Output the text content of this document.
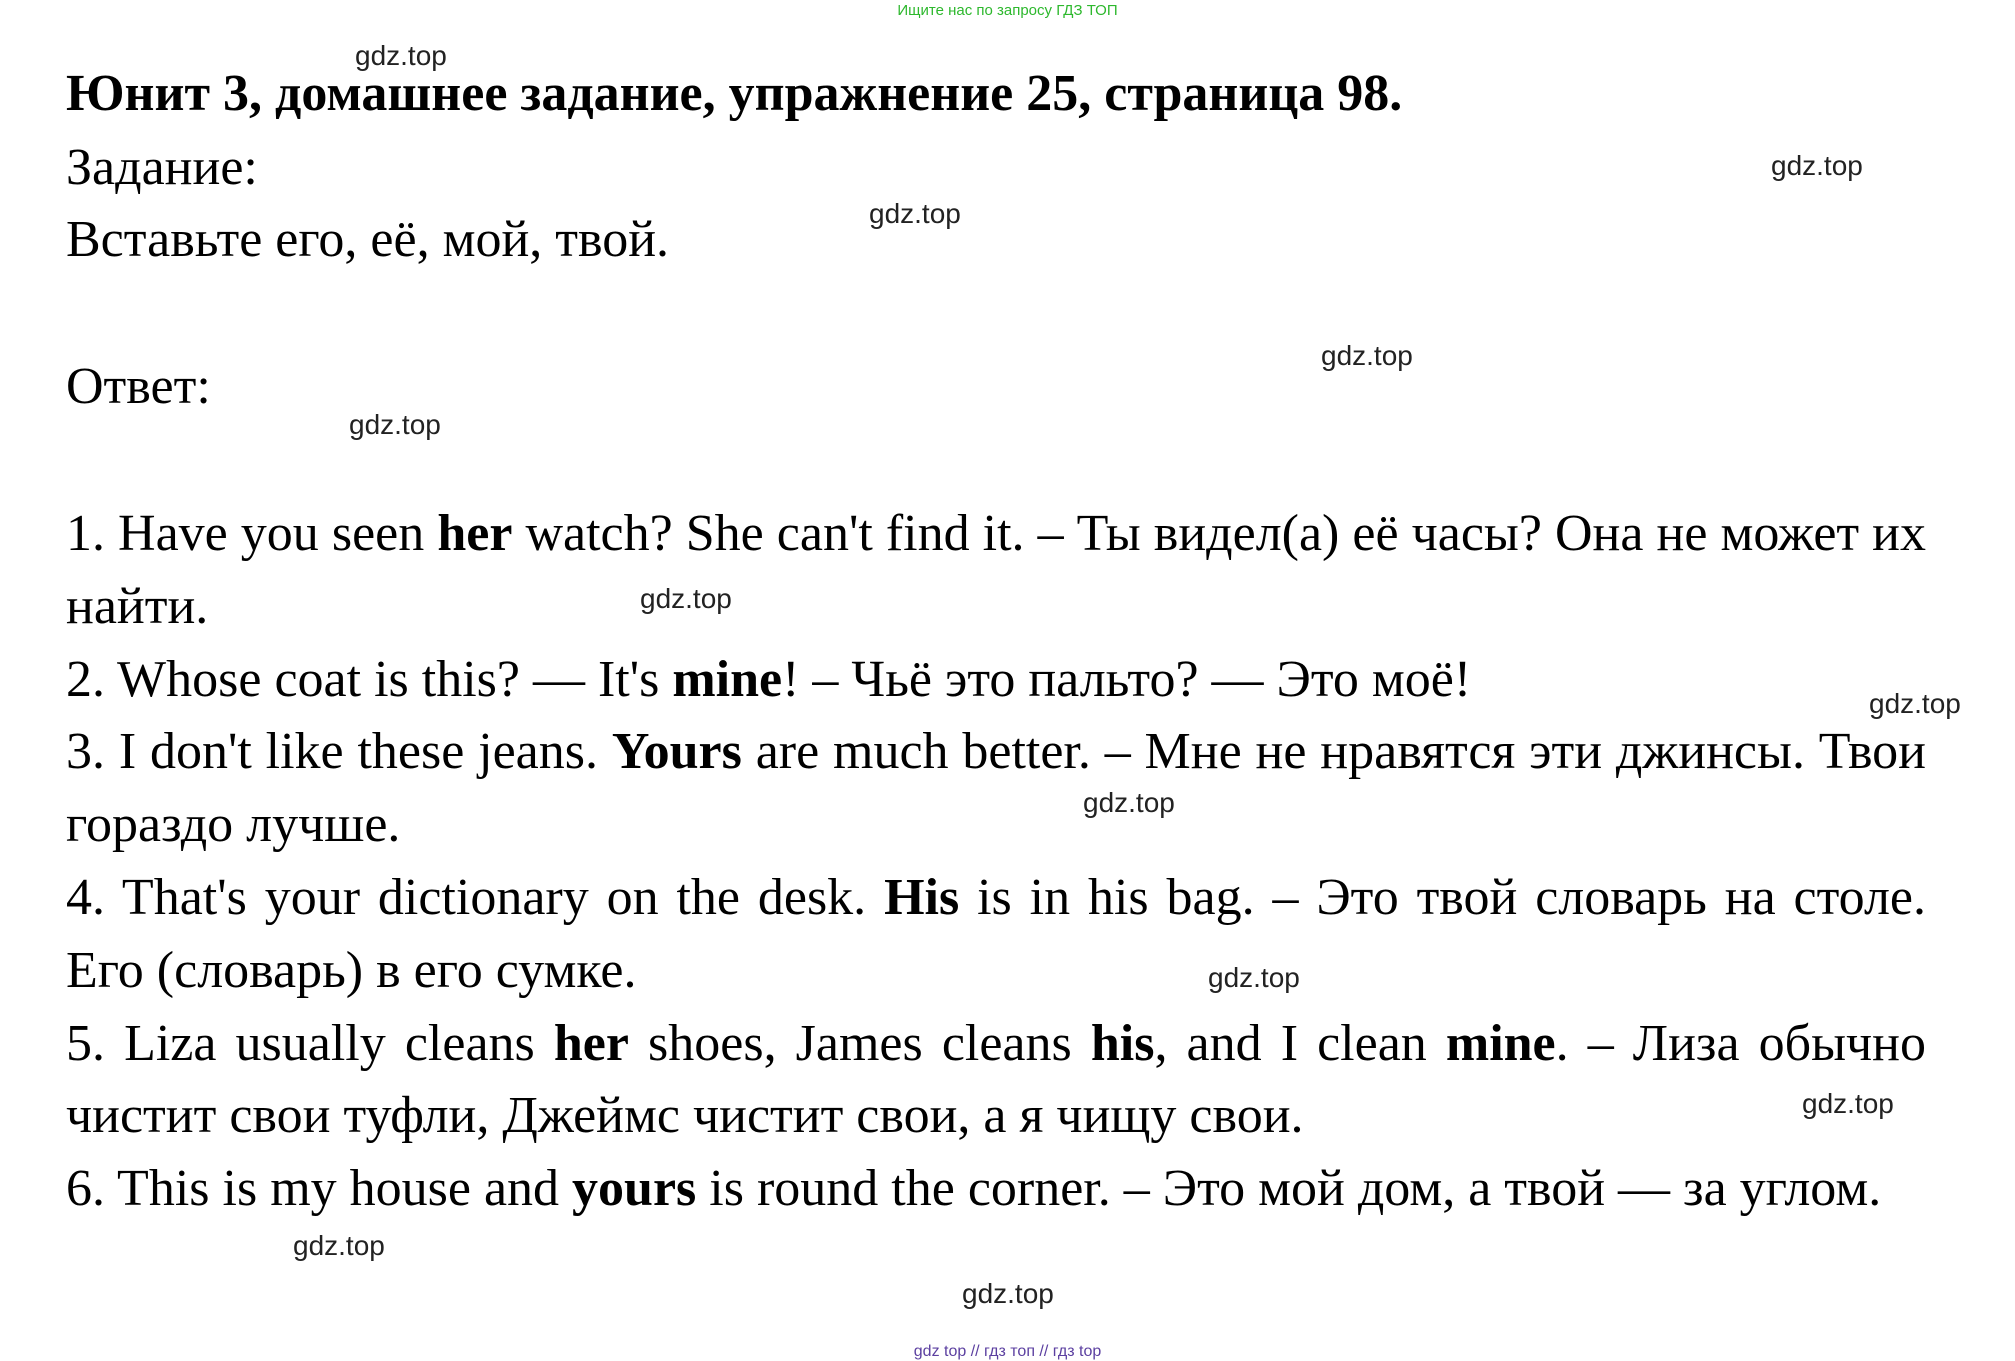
Ищите нас по запросу ГДЗ ТОП
Юнит 3, домашнее задание, упражнение 25, страница 98.

Задание:

Вставьте его, её, мой, твой.

Ответ:

1. Have you seen her watch? She can't find it. – Ты видел(а) её часы? Она не может их найти.

2. Whose coat is this? — It's mine! – Чьё это пальто? — Это моё!

3. I don't like these jeans. Yours are much better. – Мне не нравятся эти джинсы. Твои гораздо лучше.

4. That's your dictionary on the desk. His is in his bag. – Это твой словарь на столе. Его (словарь) в его сумке.

5. Liza usually cleans her shoes, James cleans his, and I clean mine. – Лиза обычно чистит свои туфли, Джеймс чистит свои, а я чищу свои.

6. This is my house and yours is round the corner. – Это мой дом, а твой — за углом.

gdz.top
gdz.top
gdz.top
gdz.top
gdz.top
gdz.top
gdz.top
gdz.top
gdz.top
gdz.top
gdz.top
gdz.top
gdz top // гдз топ // гдз top
